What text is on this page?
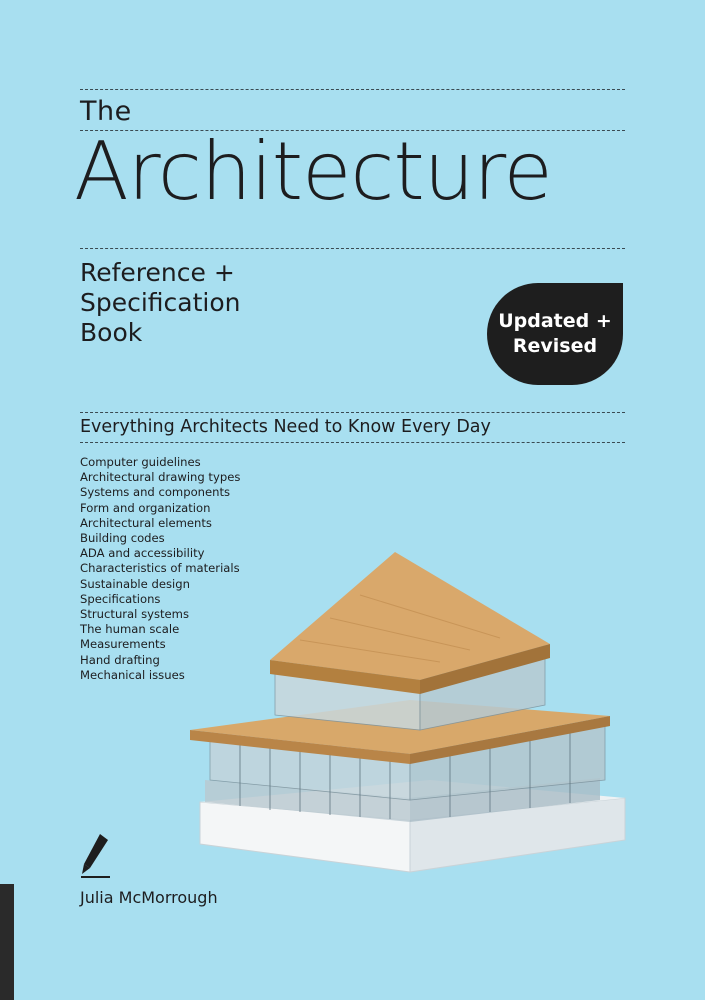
The
Architecture
Reference +
Specification
Book	Updated +
Revised
Everything Architects Need to Know Every Day
Computer guidelines
Architectural drawing types
Systems and components
Form and organization
Architectural elements
Building codes
ADA and accessibility
Characteristics of materials
Sustainable design
Specifications
Structural systems
The human scale
Measurements
Hand drafting
Mechanical issues
Julia McMorrough
